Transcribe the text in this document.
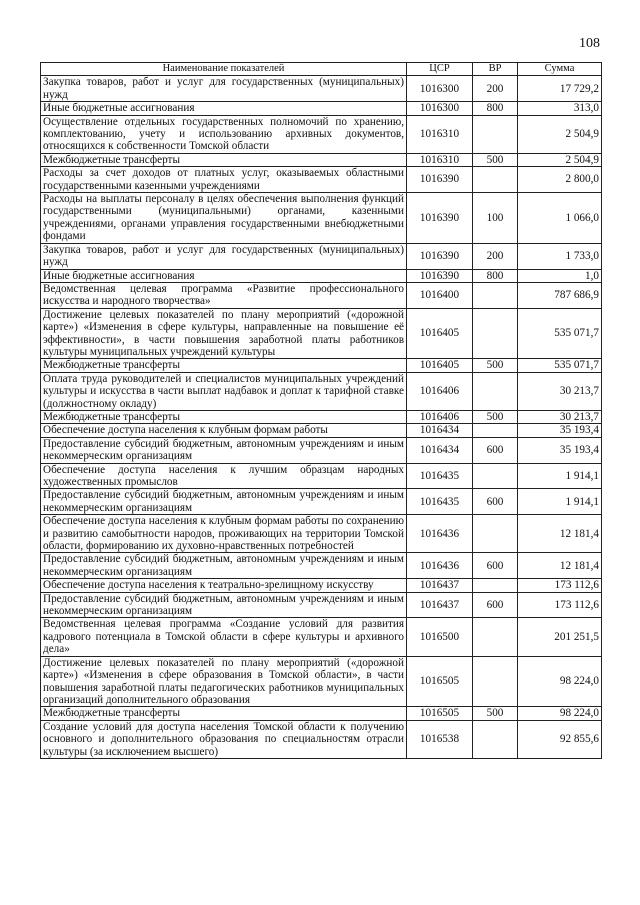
108
Наименование показателей	ЦСР	ВР	Сумма
Закупка товаров, работ и услуг для государственных (муниципальных) нужд	1016300	200	17 729,2
Иные бюджетные ассигнования	1016300	800	313,0
Осуществление отдельных государственных полномочий по хранению, комплектованию, учету и использованию архивных документов, относящихся к собственности Томской области	1016310		2 504,9
Межбюджетные трансферты	1016310	500	2 504,9
Расходы за счет доходов от платных услуг, оказываемых областными государственными казенными учреждениями	1016390		2 800,0
Расходы на выплаты персоналу в целях обеспечения выполнения функций государственными (муниципальными) органами, казенными учреждениями, органами управления государственными внебюджетными фондами	1016390	100	1 066,0
Закупка товаров, работ и услуг для государственных (муниципальных) нужд	1016390	200	1 733,0
Иные бюджетные ассигнования	1016390	800	1,0
Ведомственная целевая программа «Развитие профессионального искусства и народного творчества»	1016400		787 686,9
Достижение целевых показателей по плану мероприятий («дорожной карте») «Изменения в сфере культуры, направленные на повышение её эффективности», в части повышения заработной платы работников культуры муниципальных учреждений культуры	1016405		535 071,7
Межбюджетные трансферты	1016405	500	535 071,7
Оплата труда руководителей и специалистов муниципальных учреждений культуры и искусства в части выплат надбавок и доплат к тарифной ставке (должностному окладу)	1016406		30 213,7
Межбюджетные трансферты	1016406	500	30 213,7
Обеспечение доступа населения к клубным формам работы	1016434		35 193,4
Предоставление субсидий бюджетным, автономным учреждениям и иным некоммерческим организациям	1016434	600	35 193,4
Обеспечение доступа населения к лучшим образцам народных художественных промыслов	1016435		1 914,1
Предоставление субсидий бюджетным, автономным учреждениям и иным некоммерческим организациям	1016435	600	1 914,1
Обеспечение доступа населения к клубным формам работы по сохранению и развитию самобытности народов, проживающих на территории Томской области, формированию их духовно-нравственных потребностей	1016436		12 181,4
Предоставление субсидий бюджетным, автономным учреждениям и иным некоммерческим организациям	1016436	600	12 181,4
Обеспечение доступа населения к театрально-зрелищному искусству	1016437		173 112,6
Предоставление субсидий бюджетным, автономным учреждениям и иным некоммерческим организациям	1016437	600	173 112,6
Ведомственная целевая программа «Создание условий для развития кадрового потенциала в Томской области в сфере культуры и архивного дела»	1016500		201 251,5
Достижение целевых показателей по плану мероприятий («дорожной карте») «Изменения в сфере образования в Томской области», в части повышения заработной платы педагогических работников муниципальных организаций дополнительного образования	1016505		98 224,0
Межбюджетные трансферты	1016505	500	98 224,0
Создание условий для доступа населения Томской области к получению основного и дополнительного образования по специальностям отрасли культуры (за исключением высшего)	1016538		92 855,6
